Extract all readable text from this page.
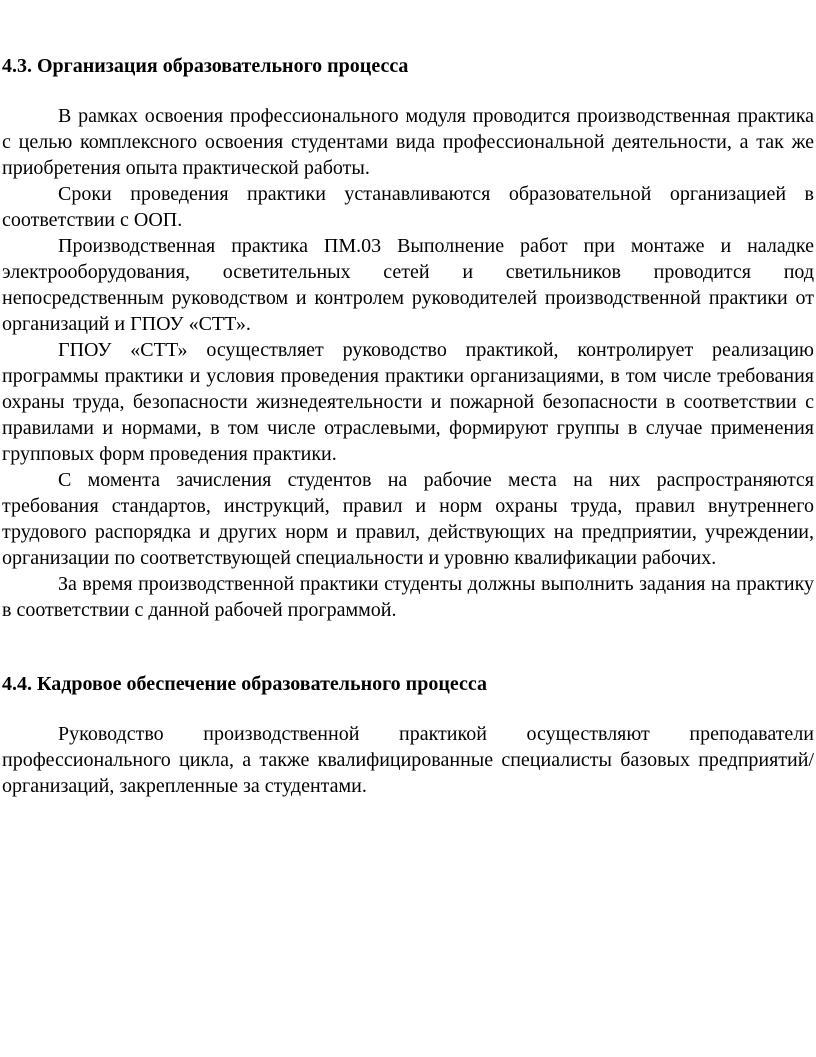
4.3. Организация образовательного процесса

В рамках освоения профессионального модуля проводится производственная практика с целью комплексного освоения студентами вида профессиональной деятельности, а так же приобретения опыта практической работы.

Сроки проведения практики устанавливаются образовательной организацией в соответствии с ООП.

Производственная практика ПМ.03 Выполнение работ при монтаже и наладке электрооборудования, осветительных сетей и светильников проводится под непосредственным руководством и контролем руководителей производственной практики от организаций и ГПОУ «СТТ».

ГПОУ «СТТ» осуществляет руководство практикой, контролирует реализацию программы практики и условия проведения практики организациями, в том числе требования охраны труда, безопасности жизнедеятельности и пожарной безопасности в соответствии с правилами и нормами, в том числе отраслевыми, формируют группы в случае применения групповых форм проведения практики.

С момента зачисления студентов на рабочие места на них распространяются требования стандартов, инструкций, правил и норм охраны труда, правил внутреннего трудового распорядка и других норм и правил, действующих на предприятии, учреждении, организации по соответствующей специальности и уровню квалификации рабочих.

За время производственной практики студенты должны выполнить задания на практику в соответствии с данной рабочей программой.

4.4. Кадровое обеспечение образовательного процесса

Руководство производственной практикой осуществляют преподаватели профессионального цикла, а также квалифицированные специалисты базовых предприятий/организаций, закрепленные за студентами.
